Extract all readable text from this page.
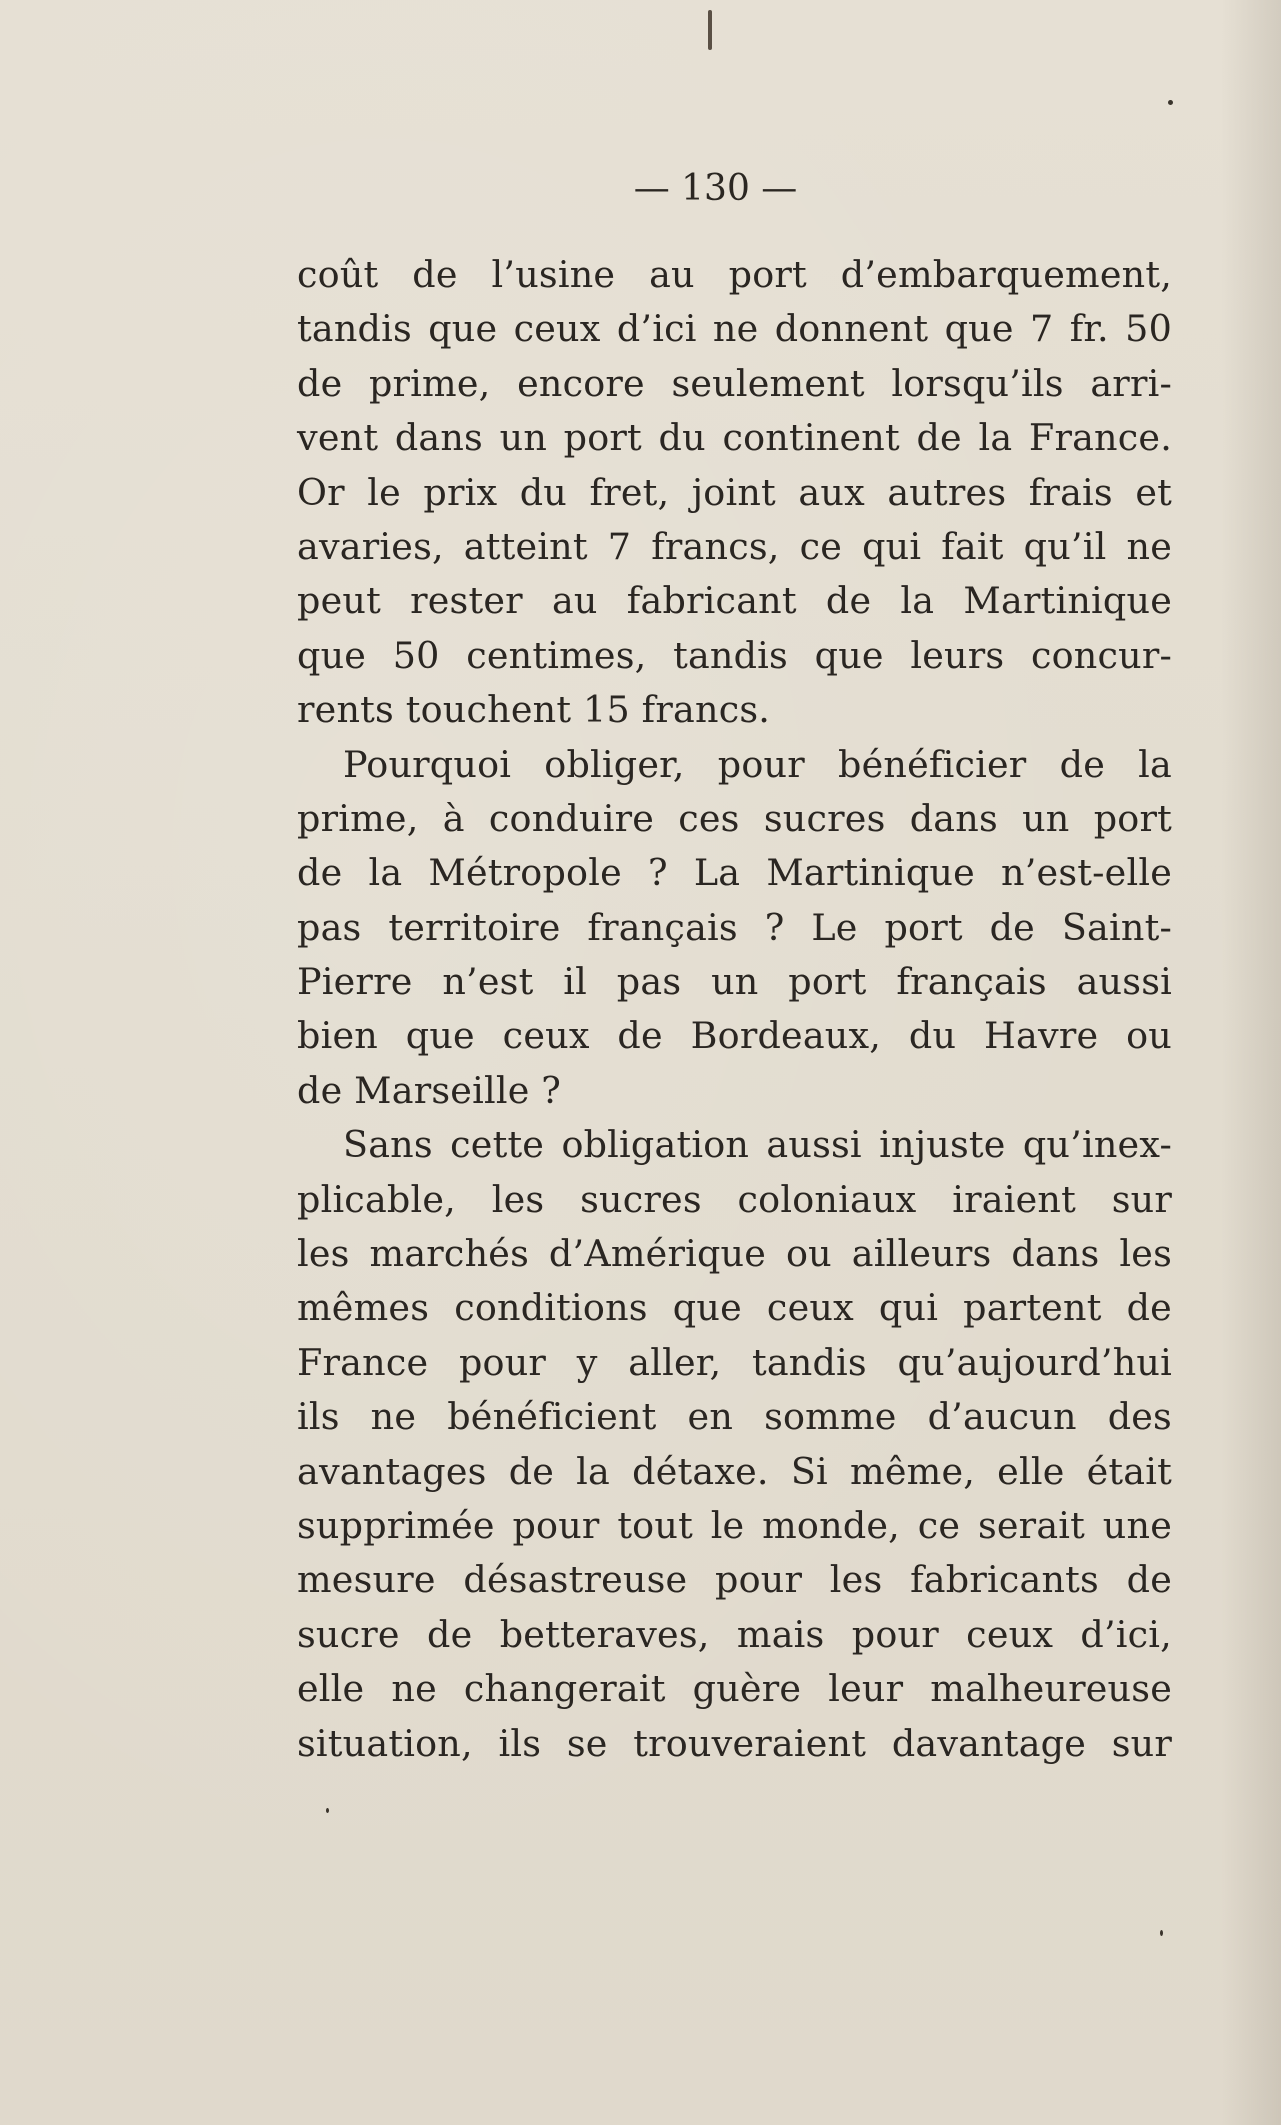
— 130 —
coût de l’usine au port d’embarquement,
tandis que ceux d’ici ne donnent que 7 fr. 50
de prime, encore seulement lorsqu’ils arri-
vent dans un port du continent de la France.
Or le prix du fret, joint aux autres frais et
avaries, atteint 7 francs, ce qui fait qu’il ne
peut rester au fabricant de la Martinique
que 50 centimes, tandis que leurs concur-
rents touchent 15 francs.
Pourquoi obliger, pour bénéficier de la
prime, à conduire ces sucres dans un port
de la Métropole ? La Martinique n’est-elle
pas territoire français ? Le port de Saint-
Pierre n’est il pas un port français aussi
bien que ceux de Bordeaux, du Havre ou
de Marseille ?
Sans cette obligation aussi injuste qu’inex-
plicable, les sucres coloniaux iraient sur
les marchés d’Amérique ou ailleurs dans les
mêmes conditions que ceux qui partent de
France pour y aller, tandis qu’aujourd’hui
ils ne bénéficient en somme d’aucun des
avantages de la détaxe. Si même, elle était
supprimée pour tout le monde, ce serait une
mesure désastreuse pour les fabricants de
sucre de betteraves, mais pour ceux d’ici,
elle ne changerait guère leur malheureuse
situation, ils se trouveraient davantage sur
